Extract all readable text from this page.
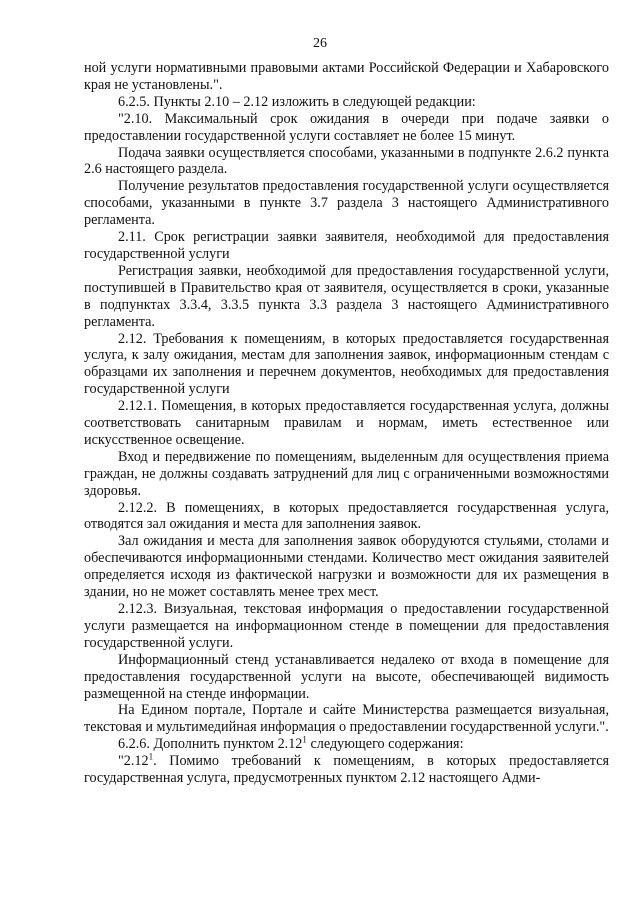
26

ной услуги нормативными правовыми актами Российской Федерации и Хабаровского края не установлены.".

6.2.5. Пункты 2.10 – 2.12 изложить в следующей редакции:

"2.10. Максимальный срок ожидания в очереди при подаче заявки о предоставлении государственной услуги составляет не более 15 минут.

Подача заявки осуществляется способами, указанными в подпункте 2.6.2 пункта 2.6 настоящего раздела.

Получение результатов предоставления государственной услуги осуществляется способами, указанными в пункте 3.7 раздела 3 настоящего Административного регламента.

2.11. Срок регистрации заявки заявителя, необходимой для предоставления государственной услуги

Регистрация заявки, необходимой для предоставления государственной услуги, поступившей в Правительство края от заявителя, осуществляется в сроки, указанные в подпунктах 3.3.4, 3.3.5 пункта 3.3 раздела 3 настоящего Административного регламента.

2.12. Требования к помещениям, в которых предоставляется государственная услуга, к залу ожидания, местам для заполнения заявок, информационным стендам с образцами их заполнения и перечнем документов, необходимых для предоставления государственной услуги

2.12.1. Помещения, в которых предоставляется государственная услуга, должны соответствовать санитарным правилам и нормам, иметь естественное или искусственное освещение.

Вход и передвижение по помещениям, выделенным для осуществления приема граждан, не должны создавать затруднений для лиц с ограниченными возможностями здоровья.

2.12.2. В помещениях, в которых предоставляется государственная услуга, отводятся зал ожидания и места для заполнения заявок.

Зал ожидания и места для заполнения заявок оборудуются стульями, столами и обеспечиваются информационными стендами. Количество мест ожидания заявителей определяется исходя из фактической нагрузки и возможности для их размещения в здании, но не может составлять менее трех мест.

2.12.3. Визуальная, текстовая информация о предоставлении государственной услуги размещается на информационном стенде в помещении для предоставления государственной услуги.

Информационный стенд устанавливается недалеко от входа в помещение для предоставления государственной услуги на высоте, обеспечивающей видимость размещенной на стенде информации.

На Едином портале, Портале и сайте Министерства размещается визуальная, текстовая и мультимедийная информация о предоставлении государственной услуги.".

6.2.6. Дополнить пунктом 2.12$^1$ следующего содержания:

"2.12$^1$. Помимо требований к помещениям, в которых предоставляется государственная услуга, предусмотренных пунктом 2.12 настоящего Адми-
